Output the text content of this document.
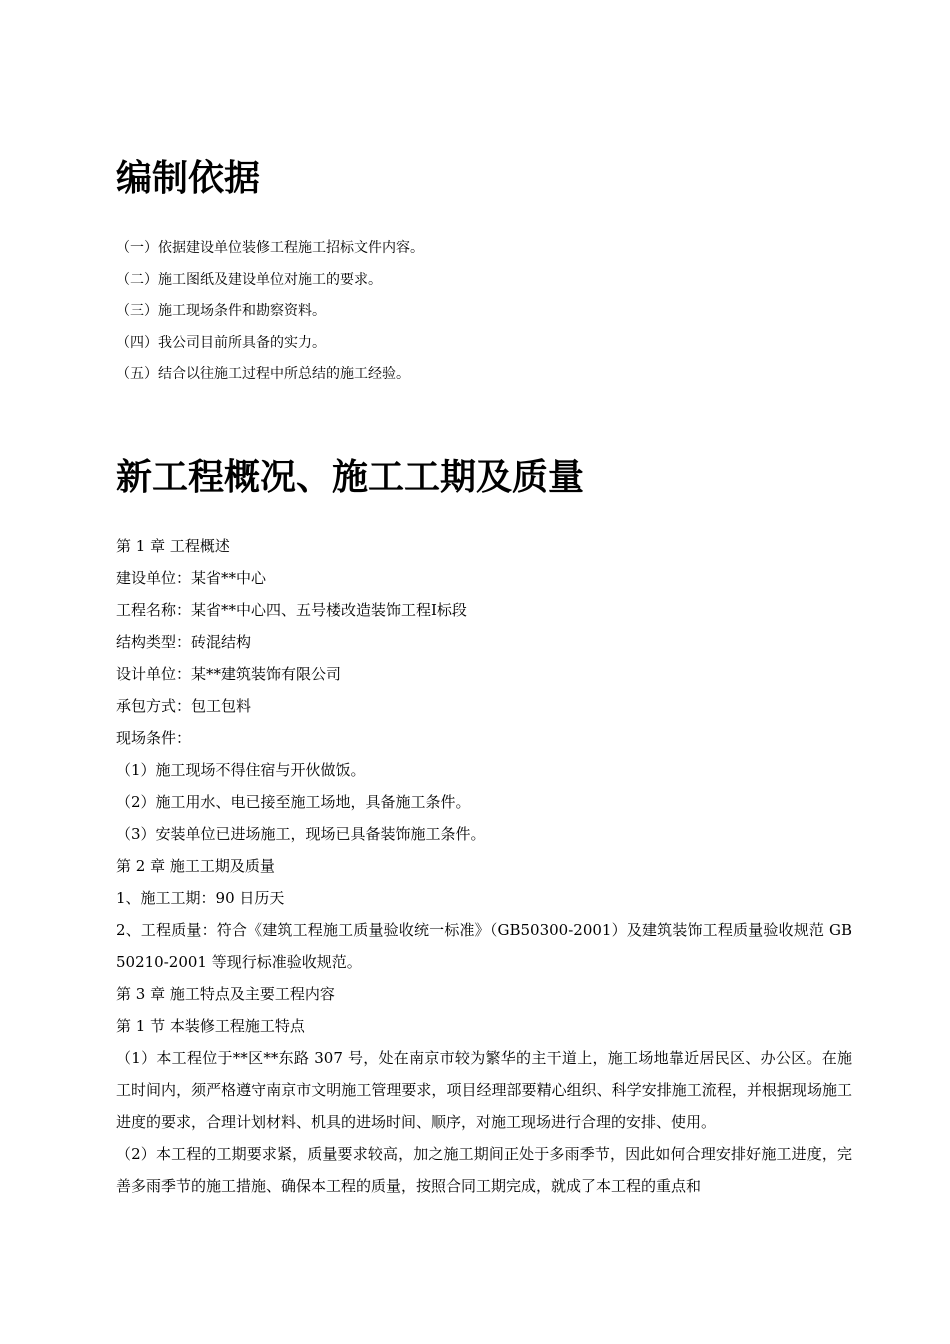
编制依据
（一）依据建设单位装修工程施工招标文件内容。
（二）施工图纸及建设单位对施工的要求。
（三）施工现场条件和勘察资料。
（四）我公司目前所具备的实力。
（五）结合以往施工过程中所总结的施工经验。
新工程概况、施工工期及质量
第 1 章 工程概述
建设单位：某省**中心
工程名称：某省**中心四、五号楼改造装饰工程Ⅰ标段
结构类型：砖混结构
设计单位：某**建筑装饰有限公司
承包方式：包工包料
现场条件：
（1）施工现场不得住宿与开伙做饭。
（2）施工用水、电已接至施工场地，具备施工条件。
（3）安装单位已进场施工，现场已具备装饰施工条件。
第 2 章 施工工期及质量
1、施工工期：90 日历天
2、工程质量：符合《建筑工程施工质量验收统一标准》（GB50300-2001）及建筑装饰工程质量验收规范 GB50210-2001 等现行标准验收规范。
第 3 章 施工特点及主要工程内容
第 1 节 本装修工程施工特点
（1）本工程位于**区**东路 307 号，处在南京市较为繁华的主干道上，施工场地靠近居民区、办公区。在施工时间内，须严格遵守南京市文明施工管理要求，项目经理部要精心组织、科学安排施工流程，并根据现场施工进度的要求，合理计划材料、机具的进场时间、顺序，对施工现场进行合理的安排、使用。
（2）本工程的工期要求紧，质量要求较高，加之施工期间正处于多雨季节，因此如何合理安排好施工进度，完善多雨季节的施工措施、确保本工程的质量，按照合同工期完成，就成了本工程的重点和
